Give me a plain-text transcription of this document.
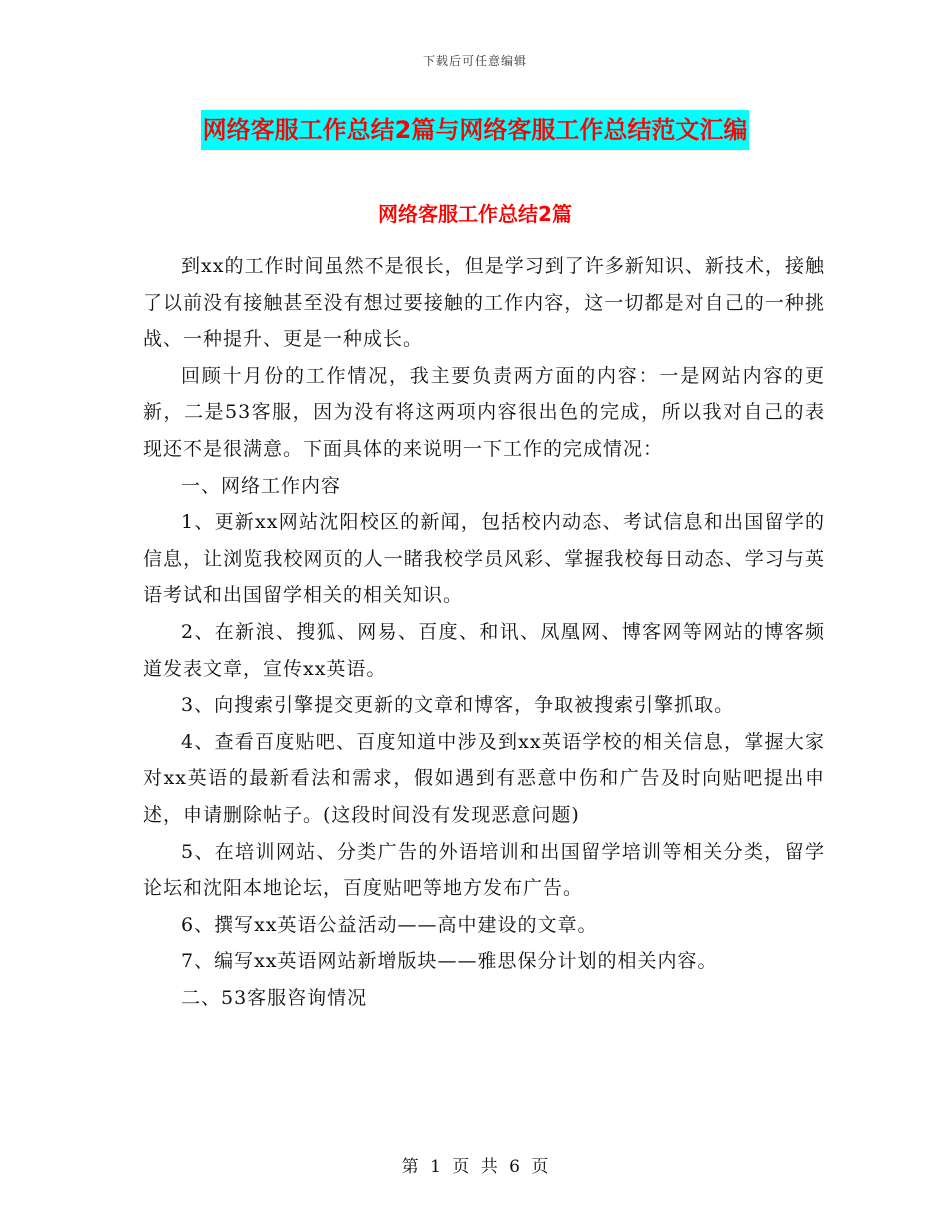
下载后可任意编辑
网络客服工作总结2篇与网络客服工作总结范文汇编
网络客服工作总结2篇

到xx的工作时间虽然不是很长，但是学习到了许多新知识、新技术，接触了以前没有接触甚至没有想过要接触的工作内容，这一切都是对自己的一种挑战、一种提升、更是一种成长。

回顾十月份的工作情况，我主要负责两方面的内容：一是网站内容的更新，二是53客服，因为没有将这两项内容很出色的完成，所以我对自己的表现还不是很满意。下面具体的来说明一下工作的完成情况：

一、网络工作内容

1、更新xx网站沈阳校区的新闻，包括校内动态、考试信息和出国留学的信息，让浏览我校网页的人一睹我校学员风彩、掌握我校每日动态、学习与英语考试和出国留学相关的相关知识。

2、在新浪、搜狐、网易、百度、和讯、凤凰网、博客网等网站的博客频道发表文章，宣传xx英语。

3、向搜索引擎提交更新的文章和博客，争取被搜索引擎抓取。

4、查看百度贴吧、百度知道中涉及到xx英语学校的相关信息，掌握大家对xx英语的最新看法和需求，假如遇到有恶意中伤和广告及时向贴吧提出申述，申请删除帖子。(这段时间没有发现恶意问题)

5、在培训网站、分类广告的外语培训和出国留学培训等相关分类，留学论坛和沈阳本地论坛，百度贴吧等地方发布广告。

6、撰写xx英语公益活动——高中建设的文章。

7、编写xx英语网站新增版块——雅思保分计划的相关内容。

二、53客服咨询情况

第 1 页 共 6 页
